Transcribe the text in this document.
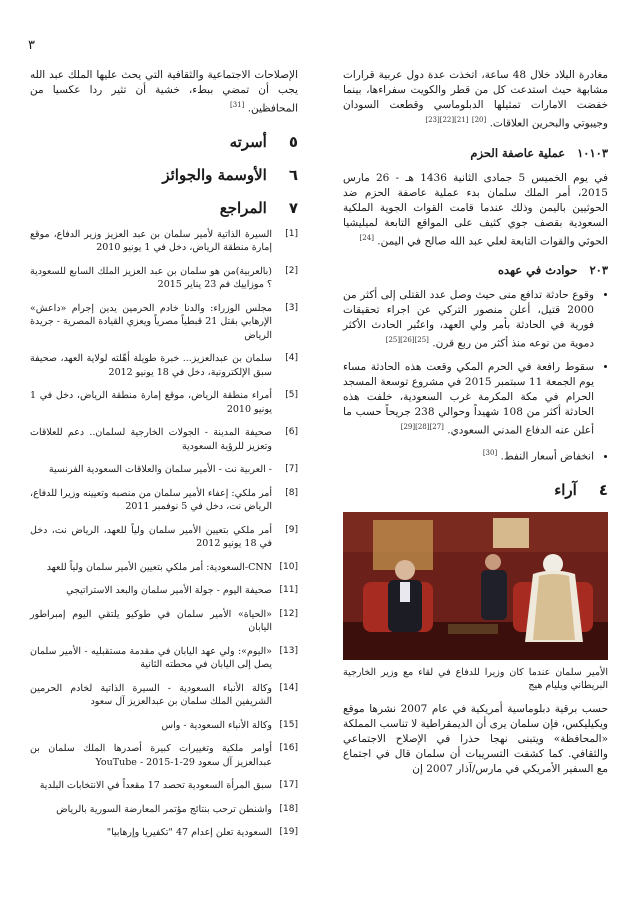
٣

مغادرة البلاد خلال 48 ساعة، اتخذت عدة دول عربية قرارات مشابهة حيث استدعت كل من قطر والكويت سفراءها، بينما خفضت الامارات تمثيلها الدبلوماسي وقطعت السودان وجيبوتي والبحرين العلاقات. [20] [21][22][23]

١٠١٠٣   عملية عاصفة الحزم

في يوم الخميس 5 جمادى الثانية 1436 هـ - 26 مارس 2015، أمر الملك سلمان بدء عملية عاصفة الحزم ضد الحوثيين باليمن وذلك عندما قامت القوات الجوية الملكية السعودية بقصف جوي كثيف على المواقع التابعة لميليشيا الحوثي والقوات التابعة لعلي عبد الله صالح في اليمن. [24]

٢٠٣   حوادث في عهده
• وقوع حادثة تدافع منى حيث وصل عدد القتلى إلى أكثر من 2000 قتيل، أعلن منصور التركي عن اجراء تحقيقات فورية في الحادثة بأمر ولي العهد، واعتُبر الحادث الأكثر دموية من نوعه منذ أكثر من ربع قرن. [25][26][25]
• سقوط رافعة في الحرم المكي وقعت هذه الحادثة مساء يوم الجمعة 11 سبتمبر 2015 في مشروع توسعة المسجد الحرام في مكة المكرمة غرب السعودية، خلفت هذه الحادثة أكثر من 108 شهيداً وحوالي 238 جريحاً حسب ما أعلن عنه الدفاع المدني السعودي. [27][28][29]
• انخفاض أسعار النفط. [30]
٤
آراء

الأمير سلمان عندما كان وزيرا للدفاع في لقاء مع وزير الخارجية البريطاني ويليام هيج

حسب برقية دبلوماسية أمريكية في عام 2007 نشرها موقع ويكيليكس، فإن سلمان يرى أن الديمقراطية لا تناسب المملكة «المحافظة» ويتبنى نهجا حذرا في الإصلاح الاجتماعي والثقافي. كما كشفت التسريبات أن سلمان قال في اجتماع مع السفير الأمريكي في مارس/آذار 2007 إن

الإصلاحات الاجتماعية والثقافية التي يحث عليها الملك عبد الله يجب أن تمضي ببطء، خشية أن تثير ردا عكسيا من المحافظين. [31]

٥
أسرته
٦
الأوسمة والجوائز
٧
المراجع
[1]
السيرة الذاتية لأمير سلمان بن عبد العزيز وزير الدفاع، موقع إمارة منطقة الرياض، دخل في 1 يونيو 2010
[2]
(بالعربية)من هو سلمان بن عبد العزيز الملك السابع للسعودية ؟ موزاييك فم 23 يناير 2015
[3]
مجلس الوزراء: والدنا خادم الحرمين يدين إجرام «داعش» الإرهابي بقتل 21 قبطياً مصرياً ويعزي القيادة المصرية - جريدة الرياض
[4]
سلمان بن عبدالعزيز... خبرة طويلة أهّلته لولاية العهد، صحيفة سبق الإلكترونية، دخل في 18 يونيو 2012
[5]
أمراء منطقة الرياض، موقع إمارة منطقة الرياض، دخل في 1 يونيو 2010
[6]
صحيفة المدينة - الجولات الخارجية لسلمان.. دعم للعلاقات وتعزيز للرؤية السعودية
[7]
- العربية نت - الأمير سلمان والعلاقات السعودية الفرنسية
[8]
أمر ملكي: إعفاء الأمير سلمان من منصبه وتعيينه وزيرا للدفاع، الرياض نت، دخل في 5 نوفمبر 2011
[9]
أمر ملكي بتعيين الأمير سلمان ولياً للعهد، الرياض نت، دخل في 18 يونيو 2012
[10]
CNN-السعودية: أمر ملكي بتعيين الأمير سلمان ولياً للعهد
[11]
صحيفة اليوم - جولة الأمير سلمان والبعد الاستراتيجي
[12]
«الحياة» الأمير سلمان في طوكيو يلتقي اليوم إمبراطور اليابان
[13]
«اليوم»: ولي عهد اليابان في مقدمة مستقبليه - الأمير سلمان يصل إلى اليابان في محطته الثانية
[14]
وكالة الأنباء السعودية - السيرة الذاتية لخادم الحرمين الشريفين الملك سلمان بن عبدالعزيز آل سعود
[15]
وكالة الأنباء السعودية - واس
[16]
أوامر ملكية وتغييرات كبيرة أصدرها الملك سلمان بن عبدالعزيز آل سعود 29-1-2015 - YouTube
[17]
سبق المرأة السعودية تحصد 17 مقعداً في الانتخابات البلدية
[18]
واشنطن ترحب بنتائج مؤتمر المعارضة السورية بالرياض
[19]
السعودية تعلن إعدام 47 "تكفيريا وإرهابيا"
